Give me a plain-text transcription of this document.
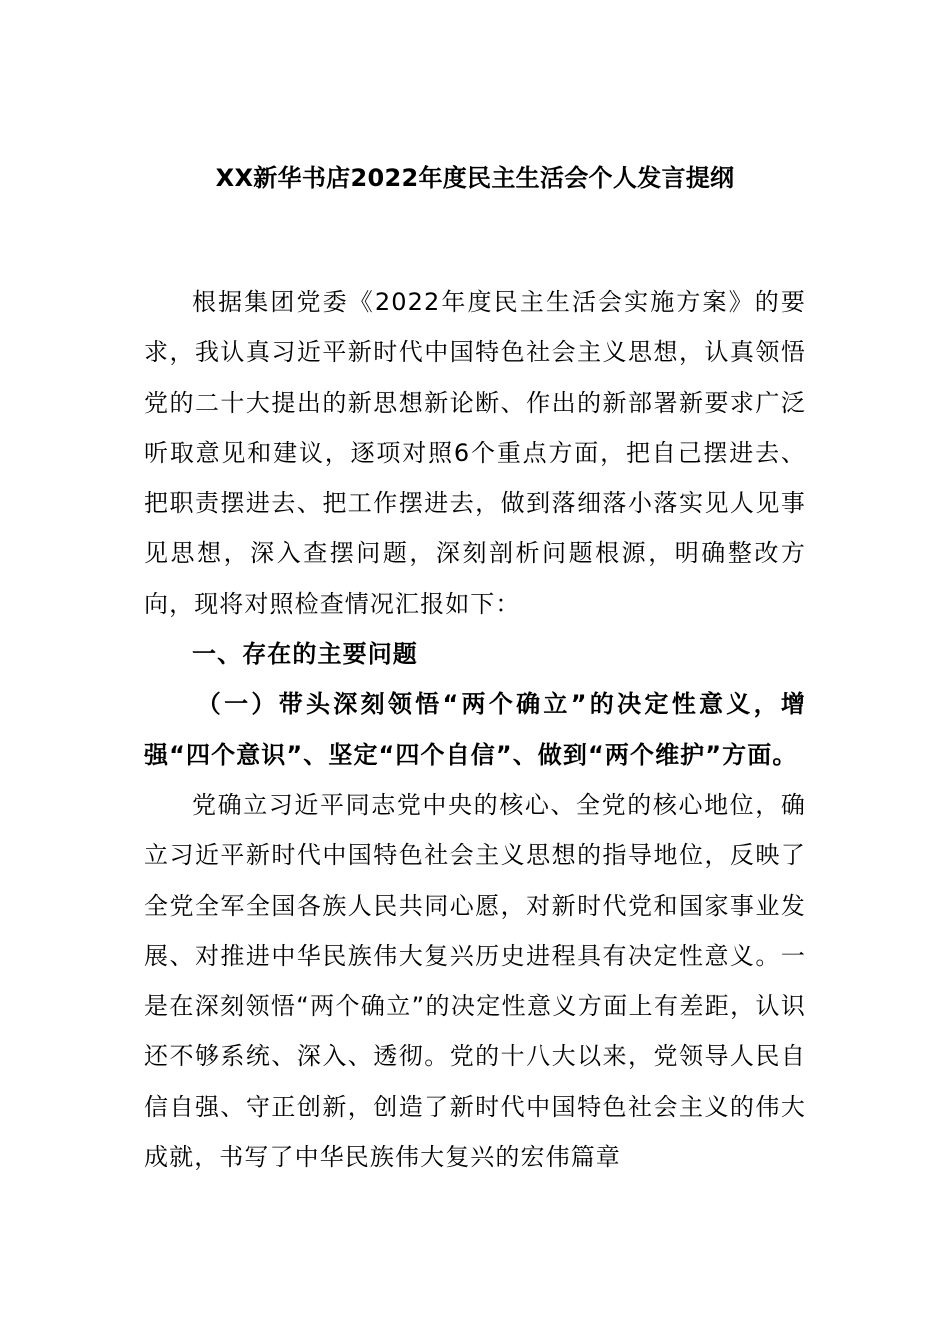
XX新华书店2022年度民主生活会个人发言提纲

根据集团党委《2022年度民主生活会实施方案》的要求，我认真习近平新时代中国特色社会主义思想，认真领悟党的二十大提出的新思想新论断、作出的新部署新要求广泛听取意见和建议，逐项对照6个重点方面，把自己摆进去、把职责摆进去、把工作摆进去，做到落细落小落实见人见事见思想，深入查摆问题，深刻剖析问题根源，明确整改方向，现将对照检查情况汇报如下：

一、存在的主要问题

（一）带头深刻领悟“两个确立”的决定性意义，增强“四个意识”、坚定“四个自信”、做到“两个维护”方面。

党确立习近平同志党中央的核心、全党的核心地位，确立习近平新时代中国特色社会主义思想的指导地位，反映了全党全军全国各族人民共同心愿，对新时代党和国家事业发展、对推进中华民族伟大复兴历史进程具有决定性意义。一是在深刻领悟“两个确立”的决定性意义方面上有差距，认识还不够系统、深入、透彻。党的十八大以来，党领导人民自信自强、守正创新，创造了新时代中国特色社会主义的伟大成就，书写了中华民族伟大复兴的宏伟篇章
